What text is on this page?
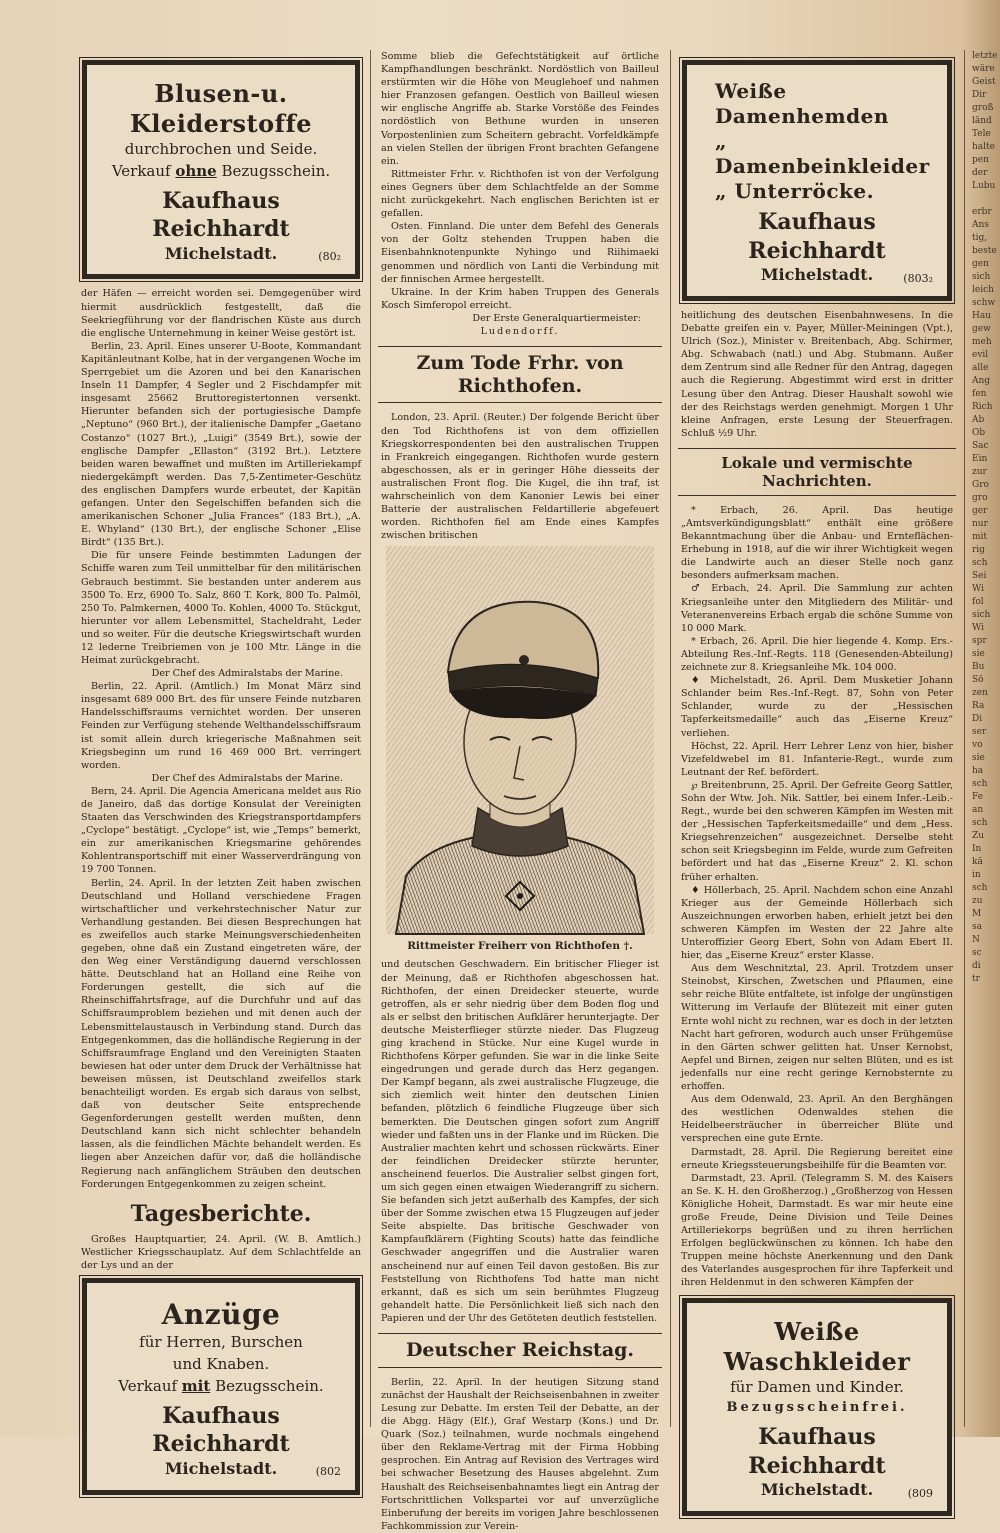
Blusen-u. Kleiderstoffe
durchbrochen und Seide.
Verkauf ohne Bezugsschein.
Kaufhaus Reichhardt
Michelstadt.	(80₂

der Häfen — erreicht worden sei. Demgegenüber wird hiermit ausdrücklich festgestellt, daß die Seekriegführung vor der flandrischen Küste aus durch die englische Unternehmung in keiner Weise gestört ist.

Berlin, 23. April. Eines unserer U-Boote, Kommandant Kapitänleutnant Kolbe, hat in der vergangenen Woche im Sperrgebiet um die Azoren und bei den Kanarischen Inseln 11 Dampfer, 4 Segler und 2 Fischdampfer mit insgesamt 25662 Bruttoregistertonnen versenkt. Hierunter befanden sich der portugiesische Dampfe „Neptuno“ (960 Brt.), der italienische Dampfer „Gaetano Costanzo“ (1027 Brt.), „Luigi“ (3549 Brt.), sowie der englische Dampfer „Ellaston“ (3192 Brt.). Letztere beiden waren bewaffnet und mußten im Artilleriekampf niedergekämpft werden. Das 7,5-Zentimeter-Geschütz des englischen Dampfers wurde erbeutet, der Kapitän gefangen. Unter den Segelschiffen befanden sich die amerikanischen Schoner „Julia Frances“ (183 Brt.), „A. E. Whyland“ (130 Brt.), der englische Schoner „Elise Birdt“ (135 Brt.).

Die für unsere Feinde bestimmten Ladungen der Schiffe waren zum Teil unmittelbar für den militärischen Gebrauch bestimmt. Sie bestanden unter anderem aus 3500 To. Erz, 6900 To. Salz, 860 T. Kork, 800 To. Palmöl, 250 To. Palmkernen, 4000 To. Kohlen, 4000 To. Stückgut, hierunter vor allem Lebensmittel, Stacheldraht, Leder und so weiter. Für die deutsche Kriegswirtschaft wurden 12 lederne Treibriemen von je 100 Mtr. Länge in die Heimat zurückgebracht.

Der Chef des Admiralstabs der Marine.

Berlin, 22. April. (Amtlich.) Im Monat März sind insgesamt 689 000 Brt. des für unsere Feinde nutzbaren Handelsschiffsraums vernichtet worden. Der unseren Feinden zur Verfügung stehende Welthandelsschiffsraum ist somit allein durch kriegerische Maßnahmen seit Kriegsbeginn um rund 16 469 000 Brt. verringert worden.

Der Chef des Admiralstabs der Marine.

Bern, 24. April. Die Agencia Americana meldet aus Rio de Janeiro, daß das dortige Konsulat der Vereinigten Staaten das Verschwinden des Kriegstransportdampfers „Cyclope“ bestätigt. „Cyclope“ ist, wie „Temps“ bemerkt, ein zur amerikanischen Kriegsmarine gehörendes Kohlentransportschiff mit einer Wasserverdrängung von 19 700 Tonnen.

Berlin, 24. April. In der letzten Zeit haben zwischen Deutschland und Holland verschiedene Fragen wirtschaftlicher und verkehrstechnischer Natur zur Verhandlung gestanden. Bei diesen Besprechungen hat es zweifellos auch starke Meinungsverschiedenheiten gegeben, ohne daß ein Zustand eingetreten wäre, der den Weg einer Verständigung dauernd verschlossen hätte. Deutschland hat an Holland eine Reihe von Forderungen gestellt, die sich auf die Rheinschiffahrtsfrage, auf die Durchfuhr und auf das Schiffsraumproblem beziehen und mit denen auch der Lebensmittelaustausch in Verbindung stand. Durch das Entgegenkommen, das die holländische Regierung in der Schiffsraumfrage England und den Vereinigten Staaten bewiesen hat oder unter dem Druck der Verhältnisse hat beweisen müssen, ist Deutschland zweifellos stark benachteiligt worden. Es ergab sich daraus von selbst, daß von deutscher Seite entsprechende Gegenforderungen gestellt werden mußten, denn Deutschland kann sich nicht schlechter behandeln lassen, als die feindlichen Mächte behandelt werden. Es liegen aber Anzeichen dafür vor, daß die holländische Regierung nach anfänglichem Sträuben den deutschen Forderungen Entgegenkommen zu zeigen scheint.

Tagesberichte.

Großes Hauptquartier, 24. April. (W. B. Amtlich.) Westlicher Kriegsschauplatz. Auf dem Schlachtfelde an der Lys und an der

Anzüge
für Herren, Burschen
und Knaben.
Verkauf mit Bezugsschein.
Kaufhaus Reichhardt
Michelstadt.	(802

Somme blieb die Gefechtstätigkeit auf örtliche Kampfhandlungen beschränkt. Nordöstlich von Bailleul erstürmten wir die Höhe von Meuglehoef und nahmen hier Franzosen gefangen. Oestlich von Bailleul wiesen wir englische Angriffe ab. Starke Vorstöße des Feindes nordöstlich von Bethune wurden in unseren Vorpostenlinien zum Scheitern gebracht. Vorfeldkämpfe an vielen Stellen der übrigen Front brachten Gefangene ein.

Rittmeister Frhr. v. Richthofen ist von der Verfolgung eines Gegners über dem Schlachtfelde an der Somme nicht zurückgekehrt. Nach englischen Berichten ist er gefallen.

Osten. Finnland. Die unter dem Befehl des Generals von der Goltz stehenden Truppen haben die Eisenbahnknotenpunkte Nyhingo und Riihimaeki genommen und nördlich von Lanti die Verbindung mit der finnischen Armee hergestellt.

Ukraine. In der Krim haben Truppen des Generals Kosch Simferopol erreicht.

Der Erste Generalquartiermeister:
Ludendorff.
Zum Tode Frhr. von Richthofen.

London, 23. April. (Reuter.) Der folgende Bericht über den Tod Richthofens ist von dem offiziellen Kriegskorrespondenten bei den australischen Truppen in Frankreich eingegangen. Richthofen wurde gestern abgeschossen, als er in geringer Höhe diesseits der australischen Front flog. Die Kugel, die ihn traf, ist wahrscheinlich von dem Kanonier Lewis bei einer Batterie der australischen Feldartillerie abgefeuert worden. Richthofen fiel am Ende eines Kampfes zwischen britischen

Rittmeister Freiherr von Richthofen †.

und deutschen Geschwadern. Ein britischer Flieger ist der Meinung, daß er Richthofen abgeschossen hat. Richthofen, der einen Dreidecker steuerte, wurde getroffen, als er sehr niedrig über dem Boden flog und als er selbst den britischen Aufklärer herunterjagte. Der deutsche Meisterflieger stürzte nieder. Das Flugzeug ging krachend in Stücke. Nur eine Kugel wurde in Richthofens Körper gefunden. Sie war in die linke Seite eingedrungen und gerade durch das Herz gegangen. Der Kampf begann, als zwei australische Flugzeuge, die sich ziemlich weit hinter den deutschen Linien befanden, plötzlich 6 feindliche Flugzeuge über sich bemerkten. Die Deutschen gingen sofort zum Angriff wieder und faßten uns in der Flanke und im Rücken. Die Australier machten kehrt und schossen rückwärts. Einer der feindlichen Dreidecker stürzte herunter, anscheinend feuerlos. Die Australier selbst gingen fort, um sich gegen einen etwaigen Wiederangriff zu sichern. Sie befanden sich jetzt außerhalb des Kampfes, der sich über der Somme zwischen etwa 15 Flugzeugen auf jeder Seite abspielte. Das britische Geschwader von Kampfaufklärern (Fighting Scouts) hatte das feindliche Geschwader angegriffen und die Australier waren anscheinend nur auf einen Teil davon gestoßen. Bis zur Feststellung von Richthofens Tod hatte man nicht erkannt, daß es sich um sein berühmtes Flugzeug gehandelt hatte. Die Persönlichkeit ließ sich nach den Papieren und der Uhr des Getöteten deutlich feststellen.

Deutscher Reichstag.

Berlin, 22. April. In der heutigen Sitzung stand zunächst der Haushalt der Reichseisenbahnen in zweiter Lesung zur Debatte. Im ersten Teil der Debatte, an der die Abgg. Hägy (Elf.), Graf Westarp (Kons.) und Dr. Quark (Soz.) teilnahmen, wurde nochmals eingehend über den Reklame-Vertrag mit der Firma Hobbing gesprochen. Ein Antrag auf Revision des Vertrages wird bei schwacher Besetzung des Hauses abgelehnt. Zum Haushalt des Reichseisenbahnamtes liegt ein Antrag der Fortschrittlichen Volkspartei vor auf unverzügliche Einberufung der bereits im vorigen Jahre beschlossenen Fachkommission zur Verein-

Weiße Damenhemden
„ Damenbeinkleider
„ Unterröcke.
Kaufhaus Reichhardt
Michelstadt.	(803₂

heitlichung des deutschen Eisenbahnwesens. In die Debatte greifen ein v. Payer, Müller-Meiningen (Vpt.), Ulrich (Soz.), Minister v. Breitenbach, Abg. Schirmer, Abg. Schwabach (natl.) und Abg. Stubmann. Außer dem Zentrum sind alle Redner für den Antrag, dagegen auch die Regierung. Abgestimmt wird erst in dritter Lesung über den Antrag. Dieser Haushalt sowohl wie der des Reichstags werden genehmigt. Morgen 1 Uhr kleine Anfragen, erste Lesung der Steuerfragen. Schluß ½9 Uhr.

Lokale und vermischte Nachrichten.

* Erbach, 26. April. Das heutige „Amtsverkündigungsblatt“ enthält eine größere Bekanntmachung über die Anbau- und Ernteflächen-Erhebung in 1918, auf die wir ihrer Wichtigkeit wegen die Landwirte auch an dieser Stelle noch ganz besonders aufmerksam machen.

♂ Erbach, 24. April. Die Sammlung zur achten Kriegsanleihe unter den Mitgliedern des Militär- und Veteranenvereins Erbach ergab die schöne Summe von 10 000 Mark.

* Erbach, 26. April. Die hier liegende 4. Komp. Ers.-Abteilung Res.-Inf.-Regts. 118 (Genesenden-Abteilung) zeichnete zur 8. Kriegsanleihe Mk. 104 000.

♦ Michelstadt, 26. April. Dem Musketier Johann Schlander beim Res.-Inf.-Regt. 87, Sohn von Peter Schlander, wurde zu der „Hessischen Tapferkeitsmedaille“ auch das „Eiserne Kreuz“ verliehen.

Höchst, 22. April. Herr Lehrer Lenz von hier, bisher Vizefeldwebel im 81. Infanterie-Regt., wurde zum Leutnant der Ref. befördert.

℘ Breitenbrunn, 25. April. Der Gefreite Georg Sattler, Sohn der Wtw. Joh. Nik. Sattler, bei einem Infer.-Leib.-Regt., wurde bei den schweren Kämpfen im Westen mit der „Hessischen Tapferkeitsmedaille“ und dem „Hess. Kriegsehrenzeichen“ ausgezeichnet. Derselbe steht schon seit Kriegsbeginn im Felde, wurde zum Gefreiten befördert und hat das „Eiserne Kreuz“ 2. Kl. schon früher erhalten.

♦ Höllerbach, 25. April. Nachdem schon eine Anzahl Krieger aus der Gemeinde Höllerbach sich Auszeichnungen erworben haben, erhielt jetzt bei den schweren Kämpfen im Westen der 22 Jahre alte Unteroffizier Georg Ebert, Sohn von Adam Ebert II. hier, das „Eiserne Kreuz“ erster Klasse.

Aus dem Weschnitztal, 23. April. Trotzdem unser Steinobst, Kirschen, Zwetschen und Pflaumen, eine sehr reiche Blüte entfaltete, ist infolge der ungünstigen Witterung im Verlaufe der Blütezeit mit einer guten Ernte wohl nicht zu rechnen, war es doch in der letzten Nacht hart gefroren, wodurch auch unser Frühgemüse in den Gärten schwer gelitten hat. Unser Kernobst, Aepfel und Birnen, zeigen nur selten Blüten, und es ist jedenfalls nur eine recht geringe Kernobsternte zu erhoffen.

Aus dem Odenwald, 23. April. An den Berghängen des westlichen Odenwaldes stehen die Heidelbeersträucher in überreicher Blüte und versprechen eine gute Ernte.

Darmstadt, 28. April. Die Regierung bereitet eine erneute Kriegssteuerungsbeihilfe für die Beamten vor.

Darmstadt, 23. April. (Telegramm S. M. des Kaisers an Se. K. H. den Großherzog.) „Großherzog von Hessen Königliche Hoheit, Darmstadt. Es war mir heute eine große Freude, Deine Division und Teile Deines Artilleriekorps begrüßen und zu ihren herrlichen Erfolgen beglückwünschen zu können. Ich habe den Truppen meine höchste Anerkennung und den Dank des Vaterlandes ausgesprochen für ihre Tapferkeit und ihren Heldenmut in den schweren Kämpfen der

Weiße Waschkleider
für Damen und Kinder.
Bezugsscheinfrei.
Kaufhaus Reichhardt
Michelstadt.	(809
letzte
wäre
Geist
Dir
groß
länd
Tele
halte
pen
der
Lubu

erbr
Ans
tig,
beste
gen
sich
leich
schw
Hau
gew
meh
evil
alle
Ang
fen
Rich
Ab
Ob
Sac
Ein
zur
Gro
gro
ger
nur
mit
rig
sch
Sei
Wi
fol
sich
Wi
spr
sie
Bu
Sö
zen
Ra
Di
ser
vo
sie
ha
sch
Fe
an
sch
Zu
In
kä
in
sch
zu
M
sa
N
sc
di
tr
